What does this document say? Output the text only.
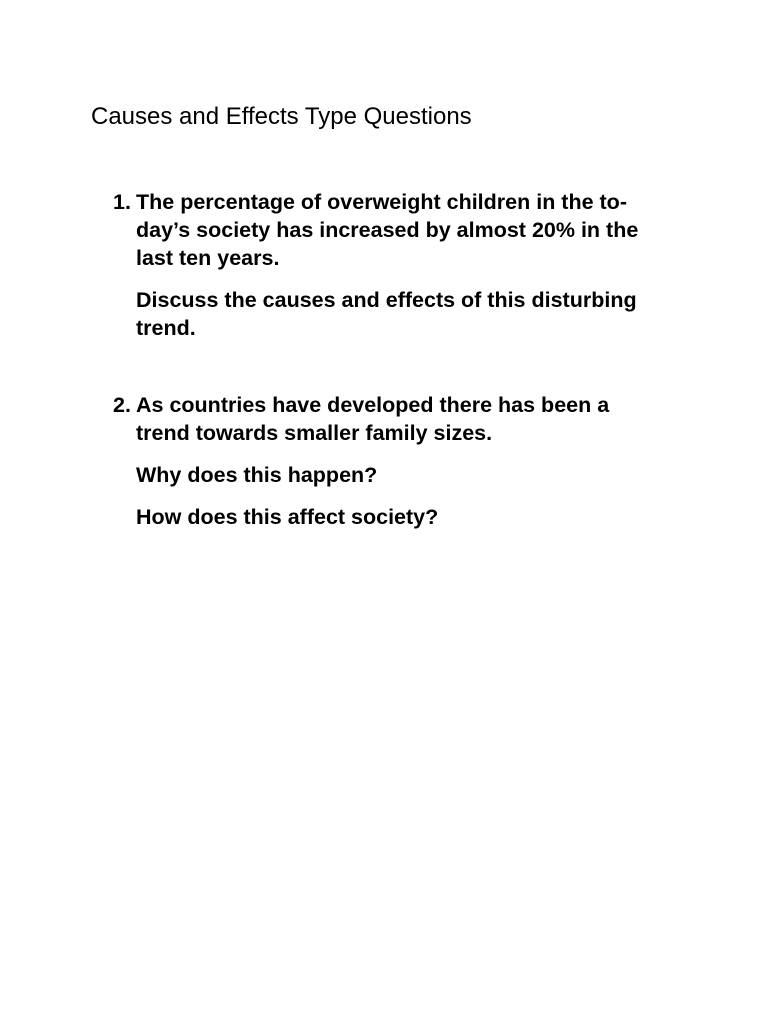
Causes and Effects Type Questions
1. The percentage of overweight children in the to-
day’s society has increased by almost 20% in the
last ten years.

Discuss the causes and effects of this disturbing
trend.

2. As countries have developed there has been a
trend towards smaller family sizes.

Why does this happen?

How does this affect society?
